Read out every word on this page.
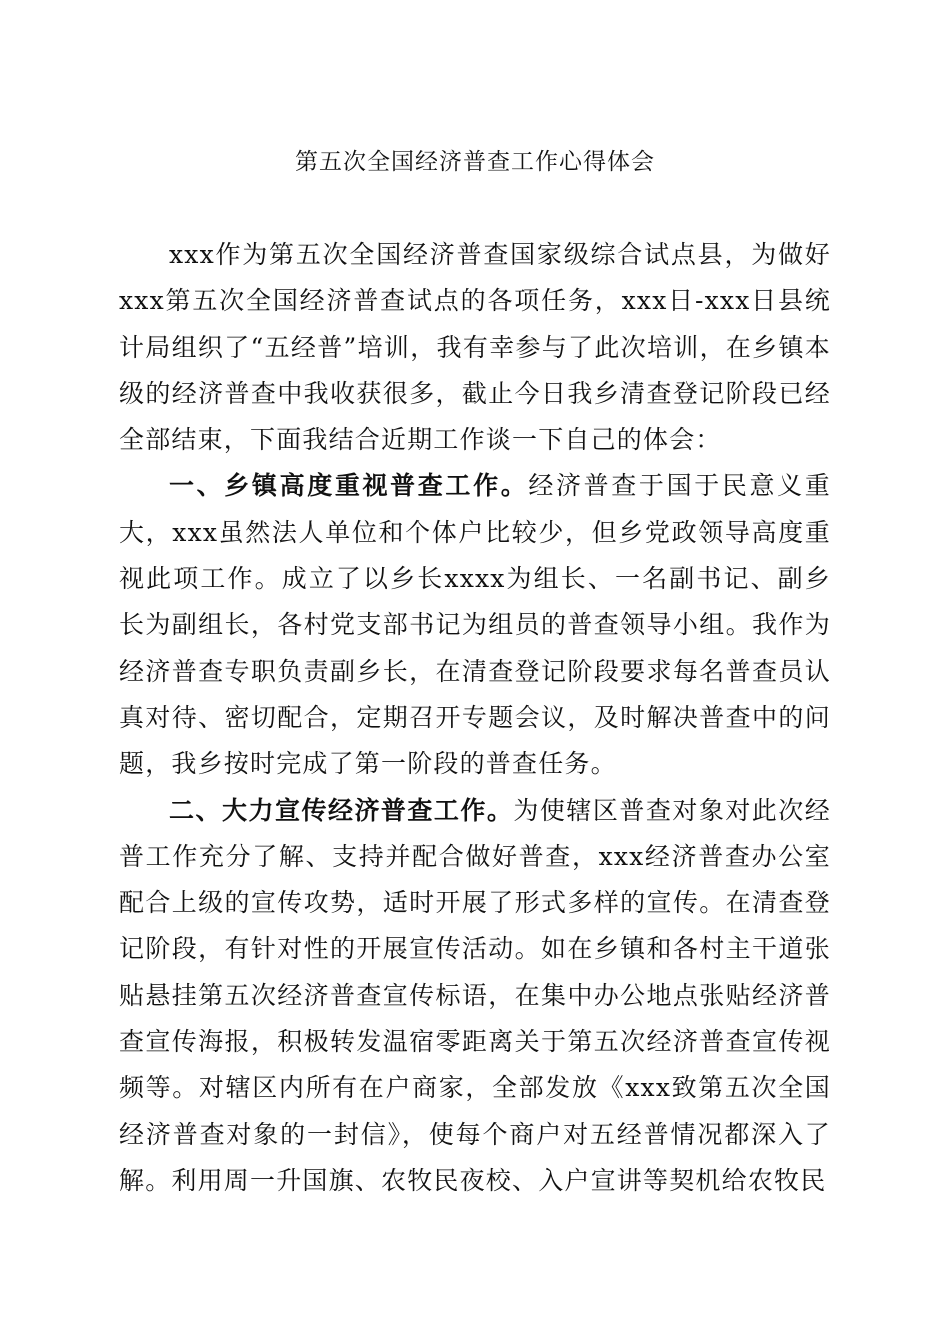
第五次全国经济普查工作心得体会

xxx作为第五次全国经济普查国家级综合试点县，为做好xxx第五次全国经济普查试点的各项任务，xxx日-xxx日县统计局组织了“五经普”培训，我有幸参与了此次培训，在乡镇本级的经济普查中我收获很多，截止今日我乡清查登记阶段已经全部结束，下面我结合近期工作谈一下自己的体会：

一、乡镇高度重视普查工作。经济普查于国于民意义重大，xxx虽然法人单位和个体户比较少，但乡党政领导高度重视此项工作。成立了以乡长xxxx为组长、一名副书记、副乡长为副组长，各村党支部书记为组员的普查领导小组。我作为经济普查专职负责副乡长，在清查登记阶段要求每名普查员认真对待、密切配合，定期召开专题会议，及时解决普查中的问题，我乡按时完成了第一阶段的普查任务。

二、大力宣传经济普查工作。为使辖区普查对象对此次经普工作充分了解、支持并配合做好普查，xxx经济普查办公室配合上级的宣传攻势，适时开展了形式多样的宣传。在清查登记阶段，有针对性的开展宣传活动。如在乡镇和各村主干道张贴悬挂第五次经济普查宣传标语，在集中办公地点张贴经济普查宣传海报，积极转发温宿零距离关于第五次经济普查宣传视频等。对辖区内所有在户商家，全部发放《xxx致第五次全国经济普查对象的一封信》，使每个商户对五经普情况都深入了解。利用周一升国旗、农牧民夜校、入户宣讲等契机给农牧民
